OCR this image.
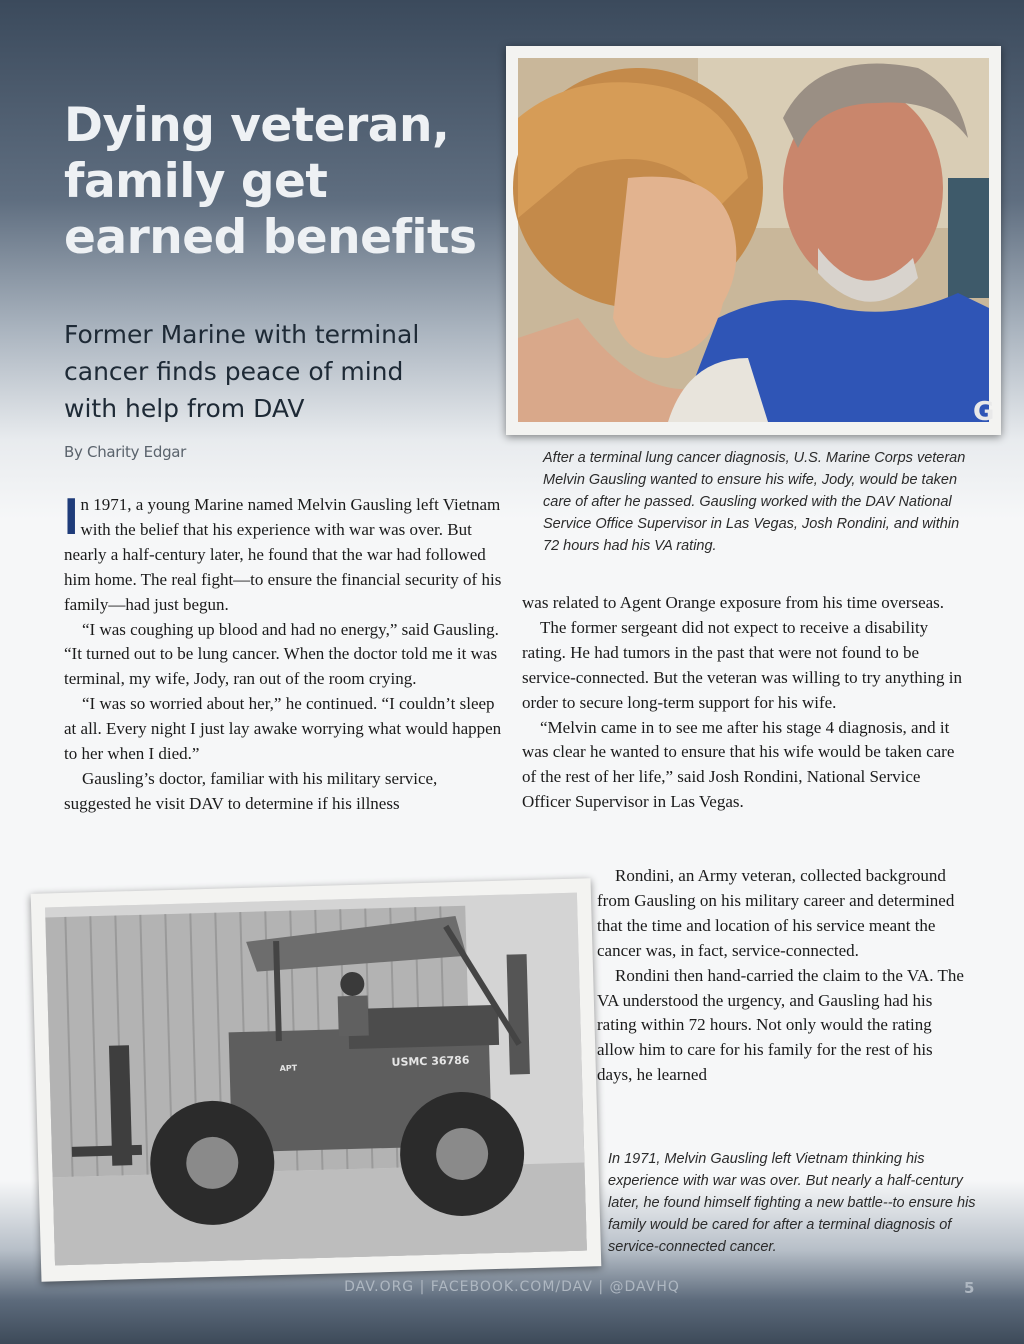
Dying veteran,
family get
earned benefits
Former Marine with terminal
cancer finds peace of mind
with help from DAV
By Charity Edgar
G

After a terminal lung cancer diagnosis, U.S. Marine Corps veteran Melvin Gausling wanted to ensure his wife, Jody, would be taken care of after he passed. Gausling worked with the DAV National Service Office Supervisor in Las Vegas, Josh Rondini, and within 72 hours had his VA rating.

In 1971, a young Marine named Melvin Gausling left Vietnam with the belief that his experience with war was over. But nearly a half-century later, he found that the war had followed him home. The real fight—to ensure the financial security of his family—had just begun.

“I was coughing up blood and had no energy,” said Gausling. “It turned out to be lung cancer. When the doctor told me it was terminal, my wife, Jody, ran out of the room crying.

“I was so worried about her,” he continued. “I couldn’t sleep at all. Every night I just lay awake worrying what would happen to her when I died.”

Gausling’s doctor, familiar with his military service, suggested he visit DAV to determine if his illness

was related to Agent Orange exposure from his time overseas.

The former sergeant did not expect to receive a disability rating. He had tumors in the past that were not found to be service-connected. But the veteran was willing to try anything in order to secure long-term support for his wife.

“Melvin came in to see me after his stage 4 diagnosis, and it was clear he wanted to ensure that his wife would be taken care of the rest of her life,” said Josh Rondini, National Service Officer Supervisor in Las Vegas.

Rondini, an Army veteran, collected background from Gausling on his military career and determined that the time and location of his service meant the cancer was, in fact, service-connected.

Rondini then hand-carried the claim to the VA. The VA understood the urgency, and Gausling had his rating within 72 hours. Not only would the rating allow him to care for his family for the rest of his days, he learned

USMC 36786
APT

In 1971, Melvin Gausling left Vietnam thinking his experience with war was over. But nearly a half-century later, he found himself fighting a new battle--to ensure his family would be cared for after a terminal diagnosis of service-connected cancer.

DAV.ORG | FACEBOOK.COM/DAV | @DAVHQ	5
